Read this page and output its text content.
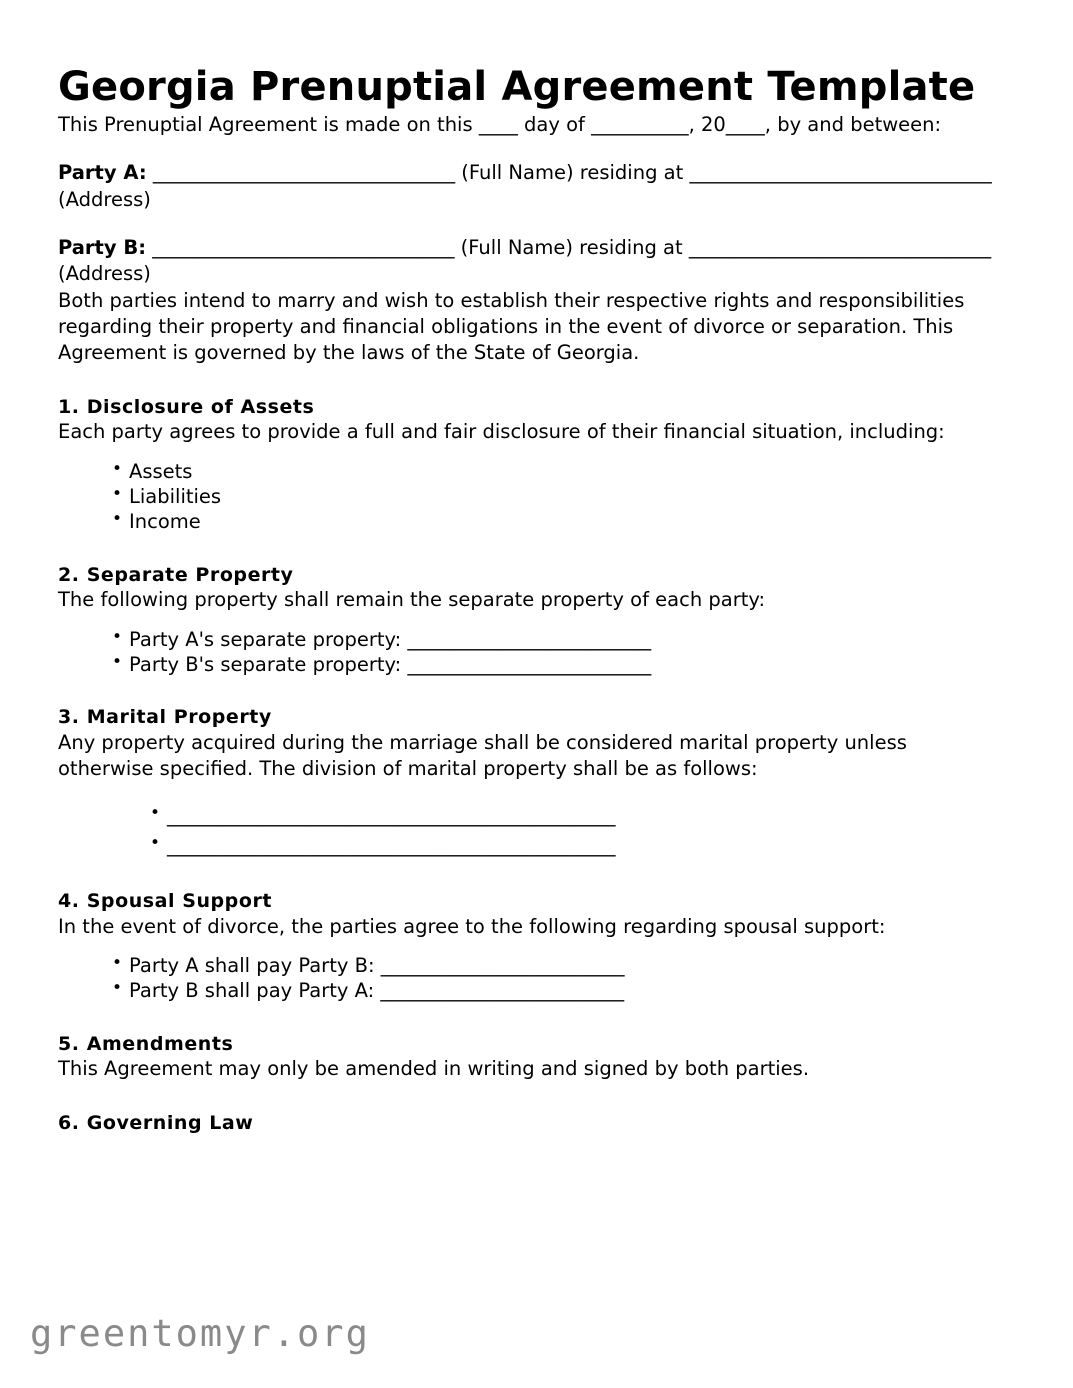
Georgia Prenuptial Agreement Template

This Prenuptial Agreement is made on this ____ day of __________, 20____, by and between:

Party A: _______________________________ (Full Name) residing at _______________________________ (Address)

Party B: _______________________________ (Full Name) residing at _______________________________ (Address)

Both parties intend to marry and wish to establish their respective rights and responsibilities regarding their property and financial obligations in the event of divorce or separation. This Agreement is governed by the laws of the State of Georgia.

1. Disclosure of Assets

Each party agrees to provide a full and fair disclosure of their financial situation, including:

• Assets
• Liabilities
• Income
2. Separate Property

The following property shall remain the separate property of each party:

• Party A's separate property: _________________________
• Party B's separate property: _________________________
3. Marital Property

Any property acquired during the marriage shall be considered marital property unless otherwise specified. The division of marital property shall be as follows:

• ______________________________________________
• ______________________________________________
4. Spousal Support

In the event of divorce, the parties agree to the following regarding spousal support:

• Party A shall pay Party B: _________________________
• Party B shall pay Party A: _________________________
5. Amendments

This Agreement may only be amended in writing and signed by both parties.

6. Governing Law
greentomyr.org
